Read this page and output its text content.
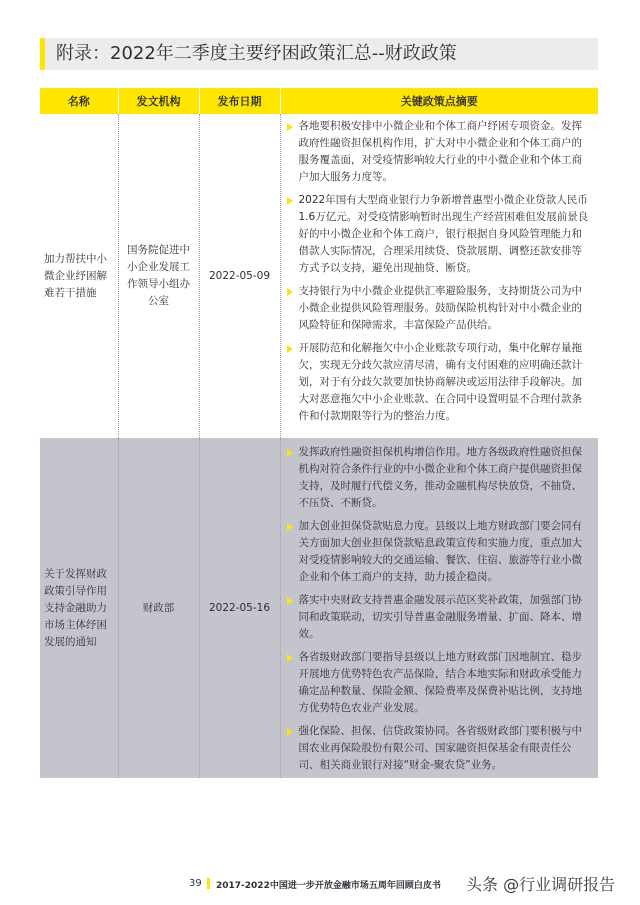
附录：2022年二季度主要纾困政策汇总--财政政策
名称	发文机构	发布日期	关键政策点摘要
加力帮扶中小微企业纾困解难若干措施	国务院促进中小企业发展工作领导小组办公室	2022-05-09	各地要积极安排中小微企业和个体工商户纾困专项资金。发挥政府性融资担保机构作用，扩大对中小微企业和个体工商户的服务覆盖面，对受疫情影响较大行业的中小微企业和个体工商户加大服务力度等。
2022年国有大型商业银行力争新增普惠型小微企业贷款人民币1.6万亿元。对受疫情影响暂时出现生产经营困难但发展前景良好的中小微企业和个体工商户，银行根据自身风险管理能力和借款人实际情况，合理采用续贷、贷款展期、调整还款安排等方式予以支持，避免出现抽贷、断贷。
支持银行为中小微企业提供汇率避险服务，支持期货公司为中小微企业提供风险管理服务。鼓励保险机构针对中小微企业的风险特征和保障需求，丰富保险产品供给。
开展防范和化解拖欠中小企业账款专项行动，集中化解存量拖欠，实现无分歧欠款应清尽清，确有支付困难的应明确还款计划，对于有分歧欠款要加快协商解决或运用法律手段解决。加大对恶意拖欠中小企业账款、在合同中设置明显不合理付款条件和付款期限等行为的整治力度。

关于发挥财政政策引导作用支持金融助力市场主体纾困发展的通知	财政部	2022-05-16	发挥政府性融资担保机构增信作用。地方各级政府性融资担保机构对符合条件行业的中小微企业和个体工商户提供融资担保支持，及时履行代偿义务，推动金融机构尽快放贷，不抽贷、不压贷、不断贷。
加大创业担保贷款贴息力度。县级以上地方财政部门要会同有关方面加大创业担保贷款贴息政策宣传和实施力度，重点加大对受疫情影响较大的交通运输、餐饮、住宿、旅游等行业小微企业和个体工商户的支持，助力援企稳岗。
落实中央财政支持普惠金融发展示范区奖补政策，加强部门协同和政策联动，切实引导普惠金融服务增量、扩面、降本、增效。
各省级财政部门要指导县级以上地方财政部门因地制宜、稳步开展地方优势特色农产品保险，结合本地实际和财政承受能力确定品种数量、保险金额、保险费率及保费补贴比例，支持地方优势特色农业产业发展。
强化保险、担保、信贷政策协同。各省级财政部门要积极与中国农业再保险股份有限公司、国家融资担保基金有限责任公司、相关商业银行对接“财金-聚农贷”业务。
39 2017-2022中国进一步开放金融市场五周年回顾白皮书 头条 @行业调研报告
